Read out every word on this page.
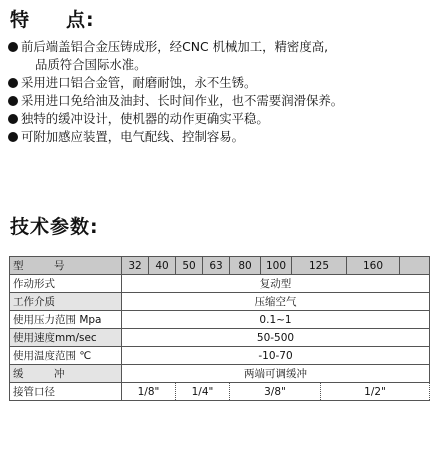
特 点:
前后端盖铝合金压铸成形，经CNC 机械加工，精密度高,
品质符合国际水准。
采用进口铝合金管，耐磨耐蚀，永不生锈。
采用进口免给油及油封、长时间作业，也不需要润滑保养。
独特的缓冲设计，使机器的动作更确实平稳。
可附加感应装置，电气配线、控制容易。
技术参数:
型　号	32	40	50	63	80	100	125		160	
作动形式	复动型									
工作介质	压缩空气									
使用压力范围 Mpa	0.1~1									
使用速度mm/sec	50-500									
使用温度范围 ℃	-10-70									
缓　冲	两端可调缓冲									
接管口径	1/8"		1/4"		3/8"			1/2"		
